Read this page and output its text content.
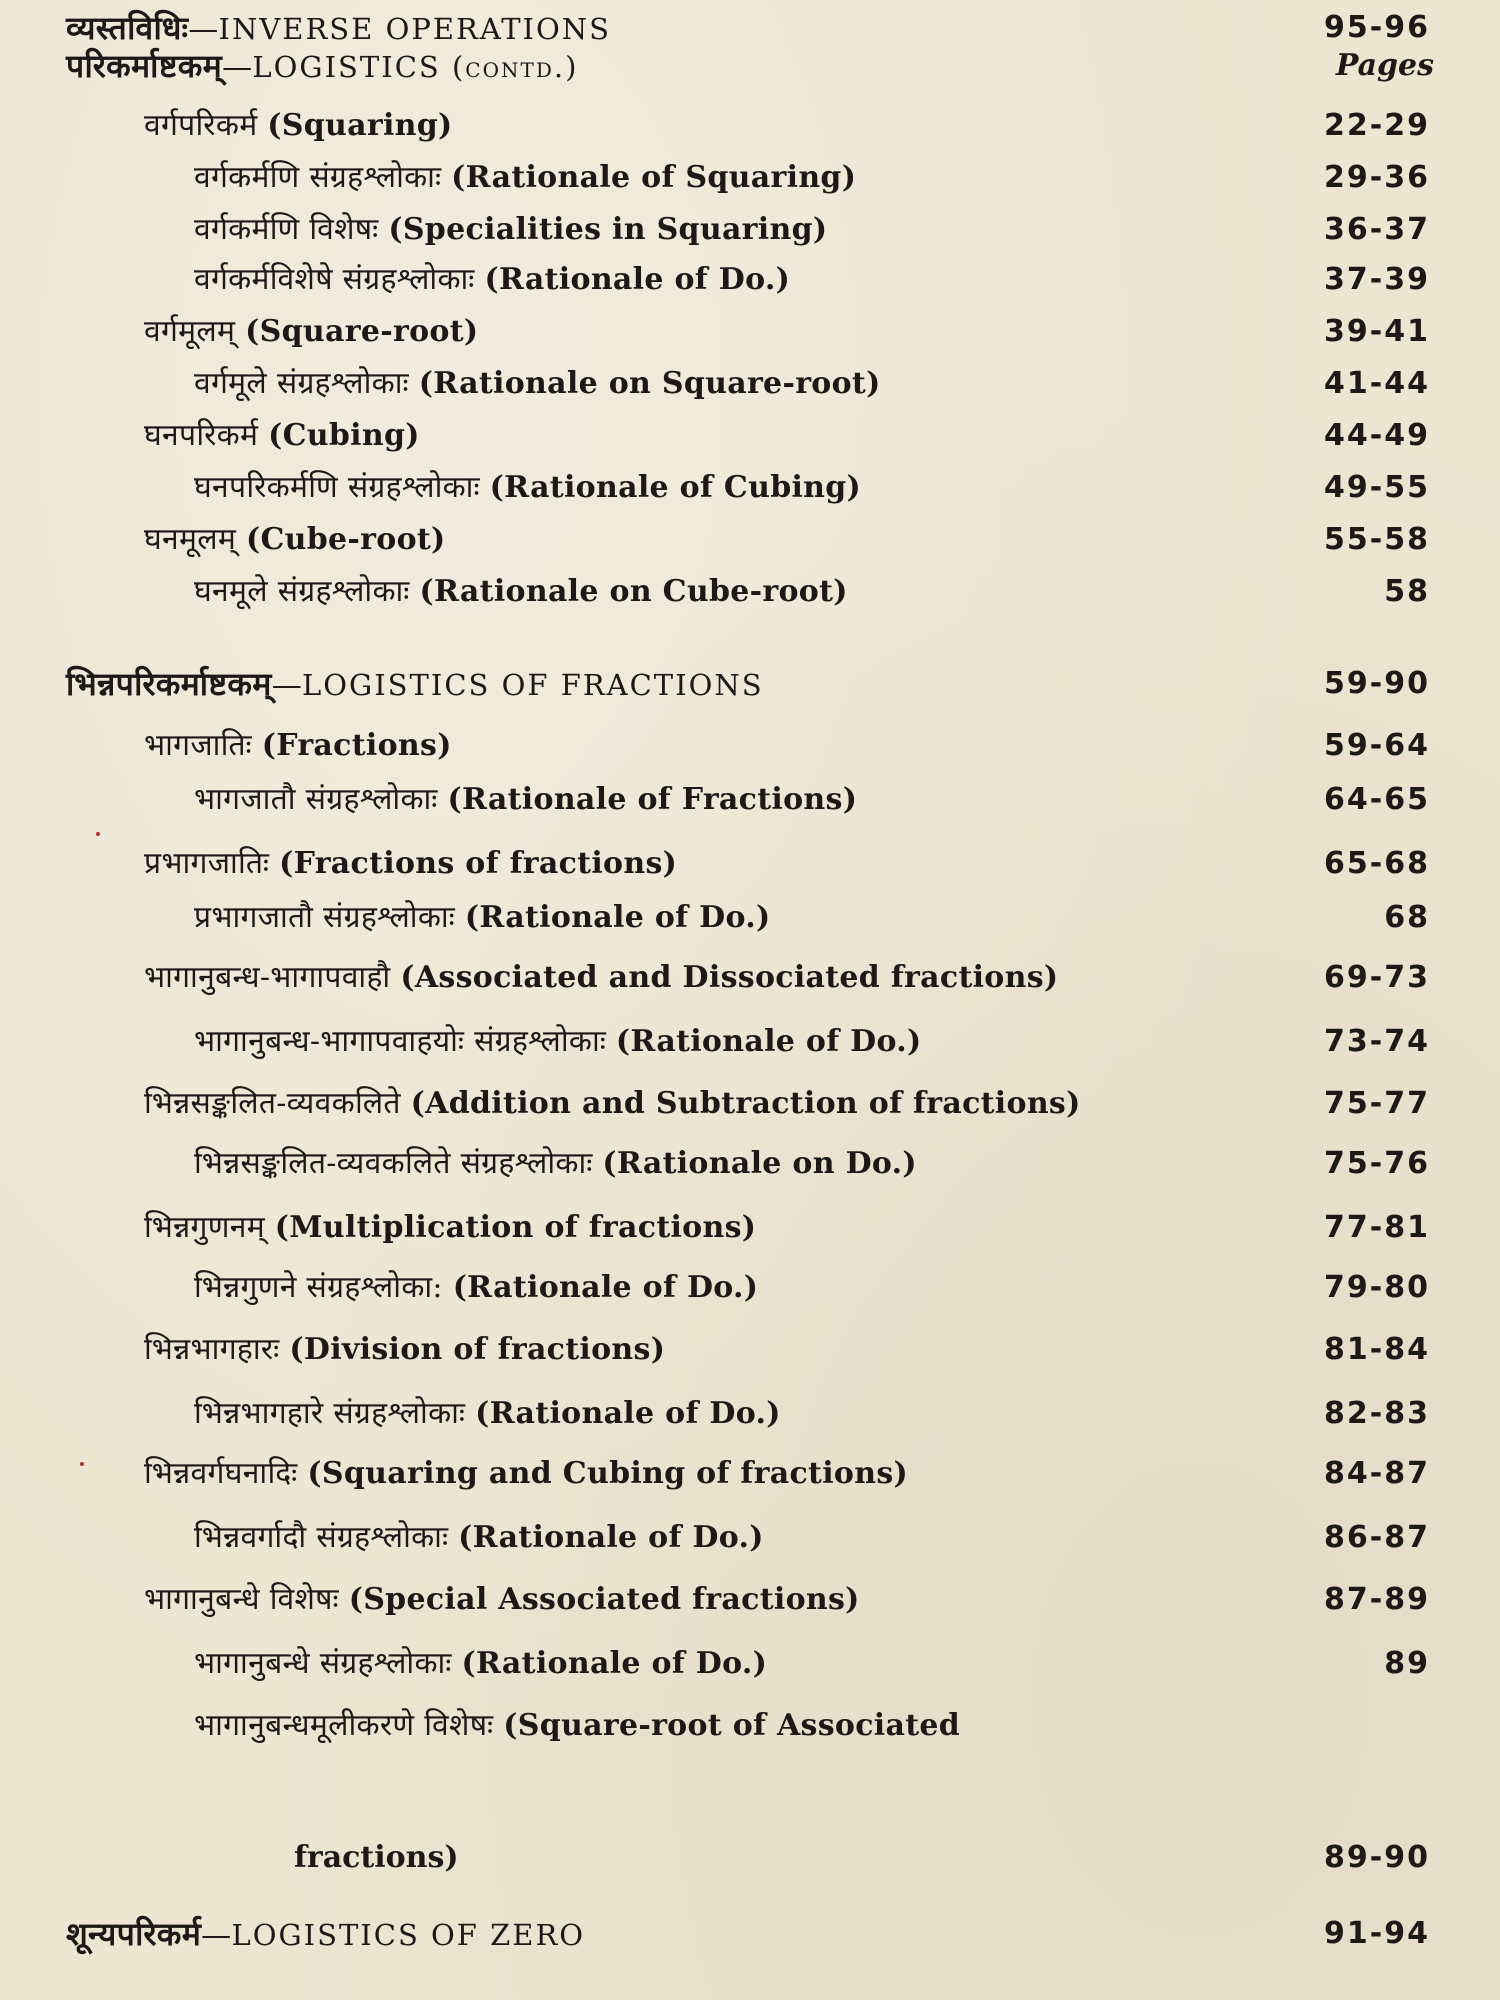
Pages
परिकर्माष्टकम्—LOGISTICS (contd.)
वर्गपरिकर्म (Squaring)	22-29
वर्गकर्मणि संग्रहश्लोकाः (Rationale of Squaring)	29-36
वर्गकर्मणि विशेषः (Specialities in Squaring)	36-37
वर्गकर्मविशेषे संग्रहश्लोकाः (Rationale of Do.)	37-39
वर्गमूलम् (Square-root)	39-41
वर्गमूले संग्रहश्लोकाः (Rationale on Square-root)	41-44
घनपरिकर्म (Cubing)	44-49
घनपरिकर्मणि संग्रहश्लोकाः (Rationale of Cubing)	49-55
घनमूलम् (Cube-root)	55-58
घनमूले संग्रहश्लोकाः (Rationale on Cube-root)	58
भिन्नपरिकर्माष्टकम्—LOGISTICS OF FRACTIONS	59-90
भागजातिः (Fractions)	59-64
भागजातौ संग्रहश्लोकाः (Rationale of Fractions)	64-65
प्रभागजातिः (Fractions of fractions)	65-68
प्रभागजातौ संग्रहश्लोकाः (Rationale of Do.)	68
भागानुबन्ध-भागापवाहौ (Associated and Dissociated fractions)	69-73
भागानुबन्ध-भागापवाहयोः संग्रहश्लोकाः (Rationale of Do.)	73-74
भिन्नसङ्कलित-व्यवकलिते (Addition and Subtraction of fractions)	75-77
भिन्नसङ्कलित-व्यवकलिते संग्रहश्लोकाः (Rationale on Do.)	75-76
भिन्नगुणनम् (Multiplication of fractions)	77-81
भिन्नगुणने संग्रहश्लोका: (Rationale of Do.)	79-80
भिन्नभागहारः (Division of fractions)	81-84
भिन्नभागहारे संग्रहश्लोकाः (Rationale of Do.)	82-83
भिन्नवर्गघनादिः (Squaring and Cubing of fractions)	84-87
भिन्नवर्गादौ संग्रहश्लोकाः (Rationale of Do.)	86-87
भागानुबन्धे विशेषः (Special Associated fractions)	87-89
भागानुबन्धे संग्रहश्लोकाः (Rationale of Do.)	89
भागानुबन्धमूलीकरणे विशेषः (Square-root of Associated
fractions)	89-90
शून्यपरिकर्म—LOGISTICS OF ZERO	91-94
व्यस्तविधिः—INVERSE OPERATIONS	95-96
